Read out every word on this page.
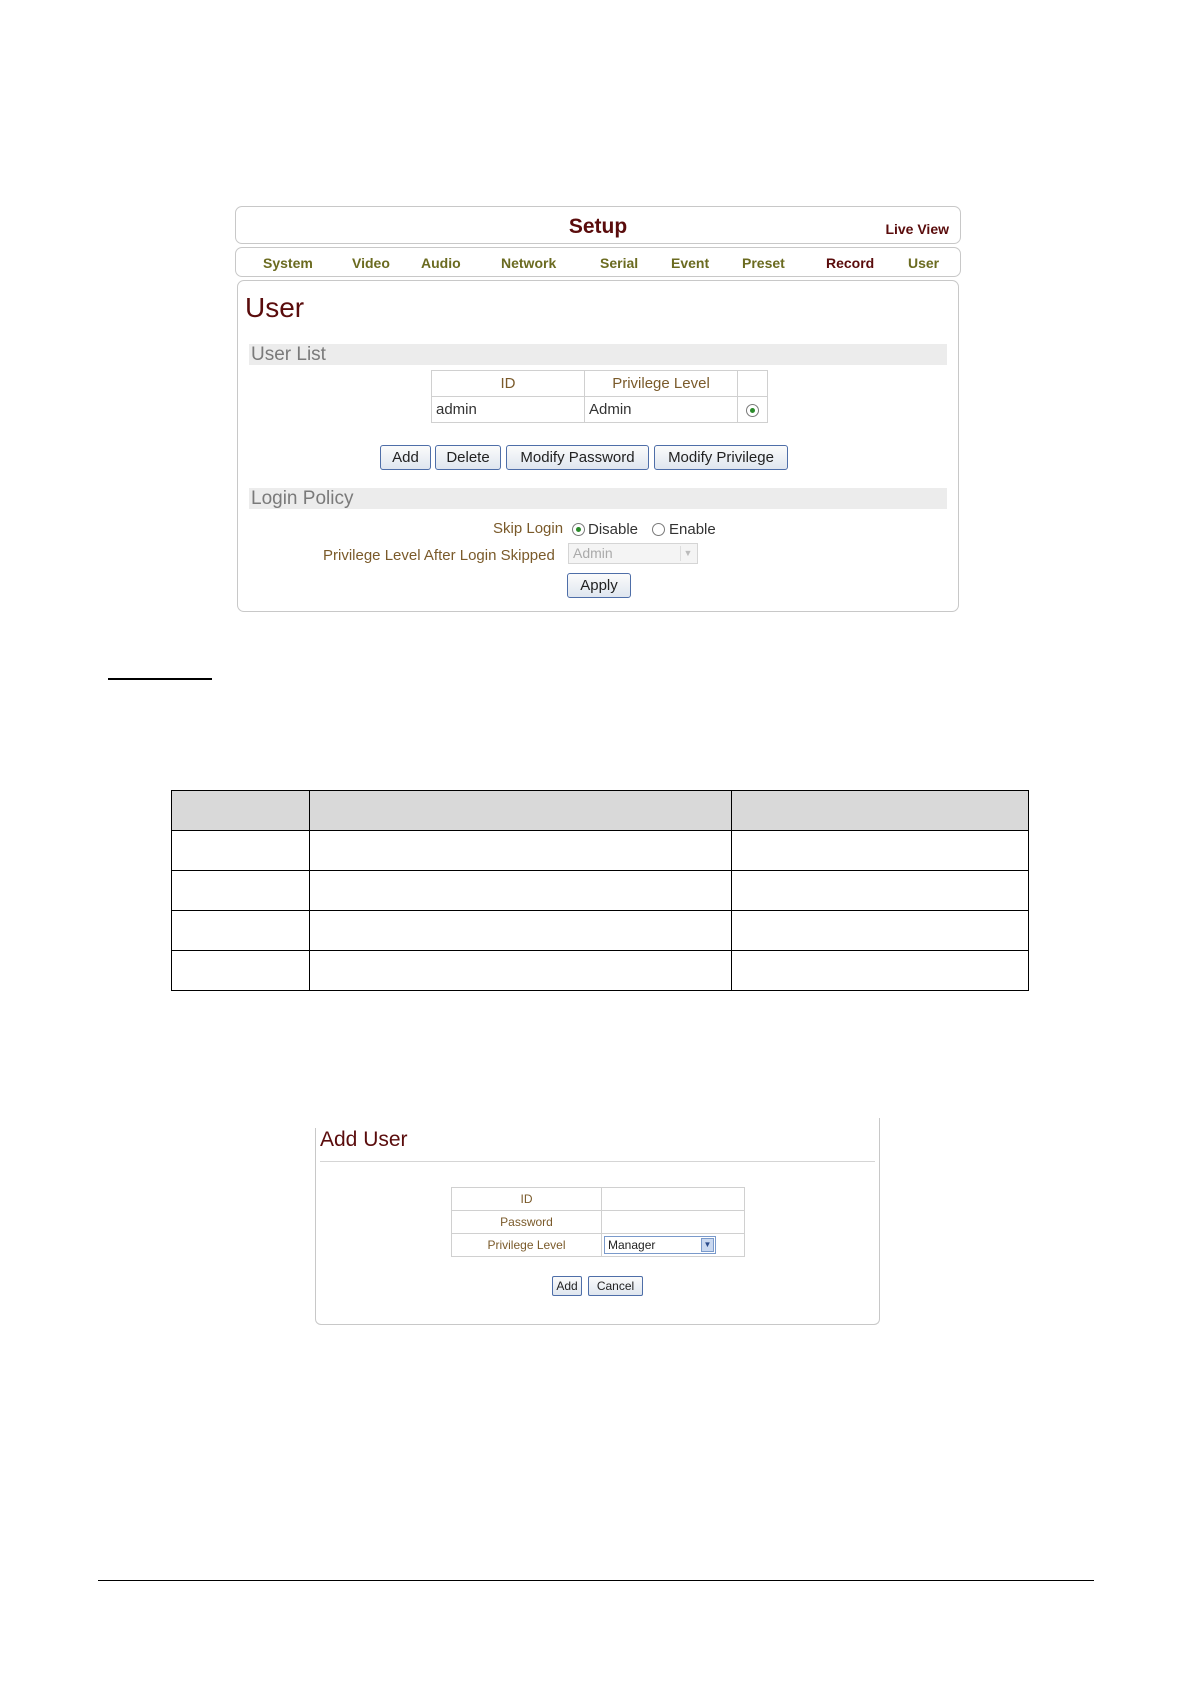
Setup	Live View
System	Video Audio	Network	Serial Event Preset	Record User
User
User List
ID	Privilege Level	
admin	Admin	
Add	Delete	Modify Password	Modify Privilege
Login Policy
Skip Login Disable Enable
Privilege Level After Login Skipped	Admin	▼
Apply

Add User
ID	
Password	
Privilege Level	Manager ▼
Add	Cancel
